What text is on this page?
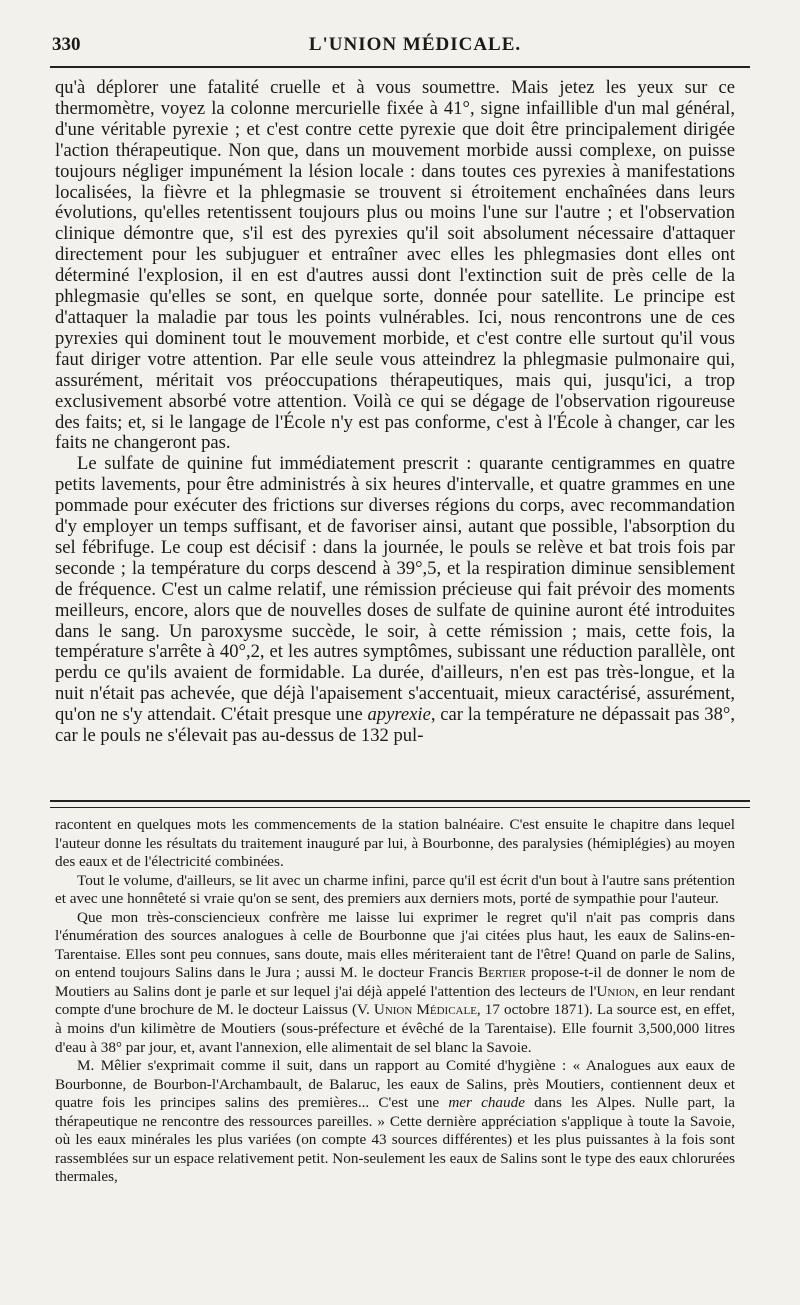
330	L'UNION MÉDICALE.

qu'à déplorer une fatalité cruelle et à vous soumettre. Mais jetez les yeux sur ce thermomètre, voyez la colonne mercurielle fixée à 41°, signe infaillible d'un mal général, d'une véritable pyrexie ; et c'est contre cette pyrexie que doit être principalement dirigée l'action thérapeutique. Non que, dans un mouvement morbide aussi complexe, on puisse toujours négliger impunément la lésion locale : dans toutes ces pyrexies à manifestations localisées, la fièvre et la phlegmasie se trouvent si étroitement enchaînées dans leurs évolutions, qu'elles retentissent toujours plus ou moins l'une sur l'autre ; et l'observation clinique démontre que, s'il est des pyrexies qu'il soit absolument nécessaire d'attaquer directement pour les subjuguer et entraîner avec elles les phlegmasies dont elles ont déterminé l'explosion, il en est d'autres aussi dont l'extinction suit de près celle de la phlegmasie qu'elles se sont, en quelque sorte, donnée pour satellite. Le principe est d'attaquer la maladie par tous les points vulnérables. Ici, nous rencontrons une de ces pyrexies qui dominent tout le mouvement morbide, et c'est contre elle surtout qu'il vous faut diriger votre attention. Par elle seule vous atteindrez la phlegmasie pulmonaire qui, assurément, méritait vos préoccupations thérapeutiques, mais qui, jusqu'ici, a trop exclusivement absorbé votre attention. Voilà ce qui se dégage de l'observation rigoureuse des faits; et, si le langage de l'École n'y est pas conforme, c'est à l'École à changer, car les faits ne changeront pas.

Le sulfate de quinine fut immédiatement prescrit : quarante centigrammes en quatre petits lavements, pour être administrés à six heures d'intervalle, et quatre grammes en une pommade pour exécuter des frictions sur diverses régions du corps, avec recommandation d'y employer un temps suffisant, et de favoriser ainsi, autant que possible, l'absorption du sel fébrifuge. Le coup est décisif : dans la journée, le pouls se relève et bat trois fois par seconde ; la température du corps descend à 39°,5, et la respiration diminue sensiblement de fréquence. C'est un calme relatif, une rémission précieuse qui fait prévoir des moments meilleurs, encore, alors que de nouvelles doses de sulfate de quinine auront été introduites dans le sang. Un paroxysme succède, le soir, à cette rémission ; mais, cette fois, la température s'arrête à 40°,2, et les autres symptômes, subissant une réduction parallèle, ont perdu ce qu'ils avaient de formidable. La durée, d'ailleurs, n'en est pas très-longue, et la nuit n'était pas achevée, que déjà l'apaisement s'accentuait, mieux caractérisé, assurément, qu'on ne s'y attendait. C'était presque une apyrexie, car la température ne dépassait pas 38°, car le pouls ne s'élevait pas au-dessus de 132 pul-

racontent en quelques mots les commencements de la station balnéaire. C'est ensuite le chapitre dans lequel l'auteur donne les résultats du traitement inauguré par lui, à Bourbonne, des paralysies (hémiplégies) au moyen des eaux et de l'électricité combinées.

Tout le volume, d'ailleurs, se lit avec un charme infini, parce qu'il est écrit d'un bout à l'autre sans prétention et avec une honnêteté si vraie qu'on se sent, des premiers aux derniers mots, porté de sympathie pour l'auteur.

Que mon très-consciencieux confrère me laisse lui exprimer le regret qu'il n'ait pas compris dans l'énumération des sources analogues à celle de Bourbonne que j'ai citées plus haut, les eaux de Salins-en-Tarentaise. Elles sont peu connues, sans doute, mais elles mériteraient tant de l'être! Quand on parle de Salins, on entend toujours Salins dans le Jura ; aussi M. le docteur Francis Bertier propose-t-il de donner le nom de Moutiers au Salins dont je parle et sur lequel j'ai déjà appelé l'attention des lecteurs de l'Union, en leur rendant compte d'une brochure de M. le docteur Laissus (V. Union Médicale, 17 octobre 1871). La source est, en effet, à moins d'un kilimètre de Moutiers (sous-préfecture et évêché de la Tarentaise). Elle fournit 3,500,000 litres d'eau à 38° par jour, et, avant l'annexion, elle alimentait de sel blanc la Savoie.

M. Mêlier s'exprimait comme il suit, dans un rapport au Comité d'hygiène : « Analogues aux eaux de Bourbonne, de Bourbon-l'Archambault, de Balaruc, les eaux de Salins, près Moutiers, contiennent deux et quatre fois les principes salins des premières... C'est une mer chaude dans les Alpes. Nulle part, la thérapeutique ne rencontre des ressources pareilles. » Cette dernière appréciation s'applique à toute la Savoie, où les eaux minérales les plus variées (on compte 43 sources différentes) et les plus puissantes à la fois sont rassemblées sur un espace relativement petit. Non-seulement les eaux de Salins sont le type des eaux chlorurées thermales,
